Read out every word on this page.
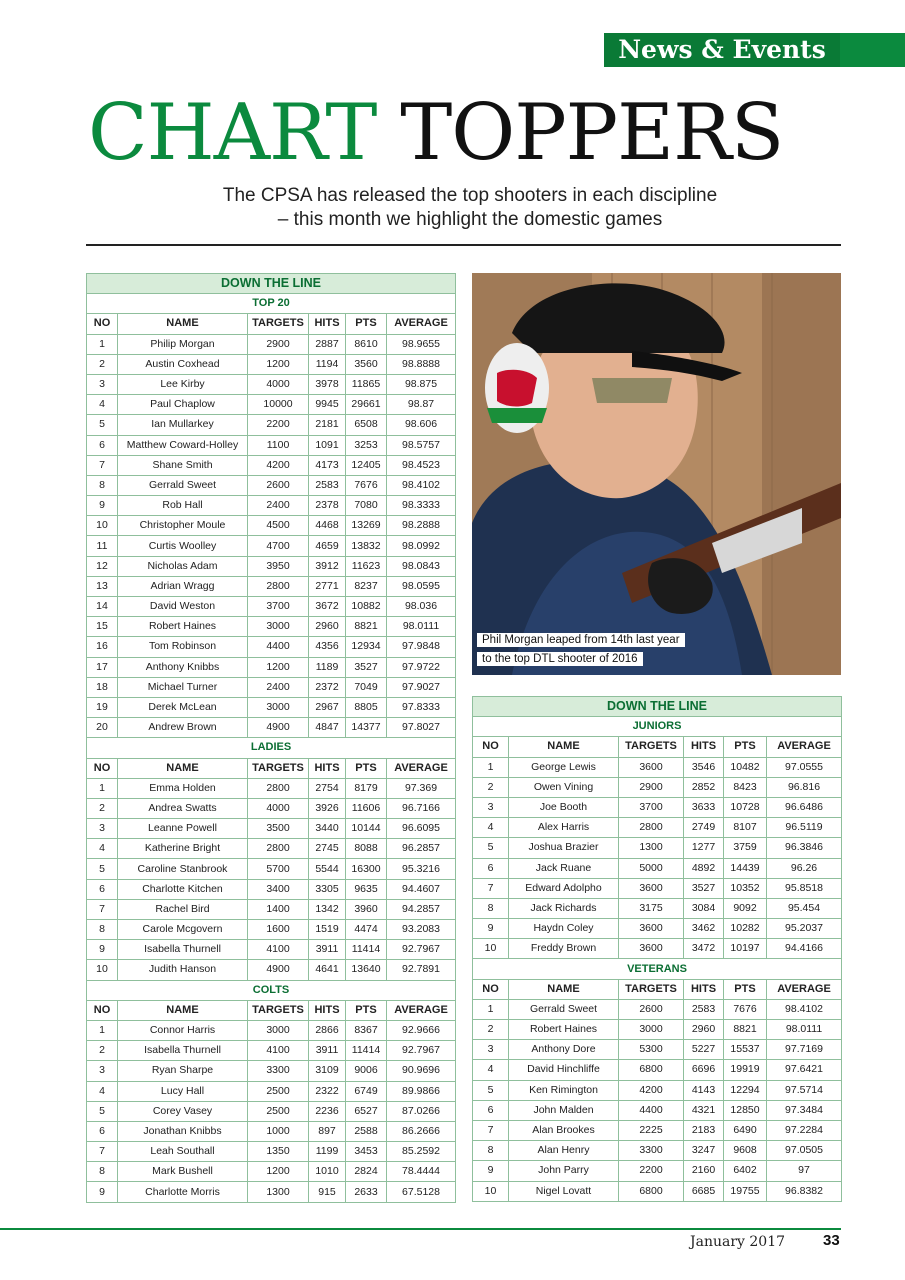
News & Events
CHART TOPPERS
The CPSA has released the top shooters in each discipline
– this month we highlight the domestic games
DOWN THE LINE					
TOP 20					
NO	NAME	TARGETS	HITS	PTS	AVERAGE
1	Philip Morgan	2900	2887	8610	98.9655
2	Austin Coxhead	1200	1194	3560	98.8888
3	Lee Kirby	4000	3978	11865	98.875
4	Paul Chaplow	10000	9945	29661	98.87
5	Ian Mullarkey	2200	2181	6508	98.606
6	Matthew Coward-Holley	1100	1091	3253	98.5757
7	Shane Smith	4200	4173	12405	98.4523
8	Gerrald Sweet	2600	2583	7676	98.4102
9	Rob Hall	2400	2378	7080	98.3333
10	Christopher Moule	4500	4468	13269	98.2888
11	Curtis Woolley	4700	4659	13832	98.0992
12	Nicholas Adam	3950	3912	11623	98.0843
13	Adrian Wragg	2800	2771	8237	98.0595
14	David Weston	3700	3672	10882	98.036
15	Robert Haines	3000	2960	8821	98.0111
16	Tom Robinson	4400	4356	12934	97.9848
17	Anthony Knibbs	1200	1189	3527	97.9722
18	Michael Turner	2400	2372	7049	97.9027
19	Derek McLean	3000	2967	8805	97.8333
20	Andrew Brown	4900	4847	14377	97.8027
LADIES					
NO	NAME	TARGETS	HITS	PTS	AVERAGE
1	Emma Holden	2800	2754	8179	97.369
2	Andrea Swatts	4000	3926	11606	96.7166
3	Leanne Powell	3500	3440	10144	96.6095
4	Katherine Bright	2800	2745	8088	96.2857
5	Caroline Stanbrook	5700	5544	16300	95.3216
6	Charlotte Kitchen	3400	3305	9635	94.4607
7	Rachel Bird	1400	1342	3960	94.2857
8	Carole Mcgovern	1600	1519	4474	93.2083
9	Isabella Thurnell	4100	3911	11414	92.7967
10	Judith Hanson	4900	4641	13640	92.7891
COLTS					
NO	NAME	TARGETS	HITS	PTS	AVERAGE
1	Connor Harris	3000	2866	8367	92.9666
2	Isabella Thurnell	4100	3911	11414	92.7967
3	Ryan Sharpe	3300	3109	9006	90.9696
4	Lucy Hall	2500	2322	6749	89.9866
5	Corey Vasey	2500	2236	6527	87.0266
6	Jonathan Knibbs	1000	897	2588	86.2666
7	Leah Southall	1350	1199	3453	85.2592
8	Mark Bushell	1200	1010	2824	78.4444
9	Charlotte Morris	1300	915	2633	67.5128
Phil Morgan leaped from 14th last year
to the top DTL shooter of 2016
DOWN THE LINE					
JUNIORS					
NO	NAME	TARGETS	HITS	PTS	AVERAGE
1	George Lewis	3600	3546	10482	97.0555
2	Owen Vining	2900	2852	8423	96.816
3	Joe Booth	3700	3633	10728	96.6486
4	Alex Harris	2800	2749	8107	96.5119
5	Joshua Brazier	1300	1277	3759	96.3846
6	Jack Ruane	5000	4892	14439	96.26
7	Edward Adolpho	3600	3527	10352	95.8518
8	Jack Richards	3175	3084	9092	95.454
9	Haydn Coley	3600	3462	10282	95.2037
10	Freddy Brown	3600	3472	10197	94.4166
VETERANS					
NO	NAME	TARGETS	HITS	PTS	AVERAGE
1	Gerrald Sweet	2600	2583	7676	98.4102
2	Robert Haines	3000	2960	8821	98.0111
3	Anthony Dore	5300	5227	15537	97.7169
4	David Hinchliffe	6800	6696	19919	97.6421
5	Ken Rimington	4200	4143	12294	97.5714
6	John Malden	4400	4321	12850	97.3484
7	Alan Brookes	2225	2183	6490	97.2284
8	Alan Henry	3300	3247	9608	97.0505
9	John Parry	2200	2160	6402	97
10	Nigel Lovatt	6800	6685	19755	96.8382
January 2017	33
